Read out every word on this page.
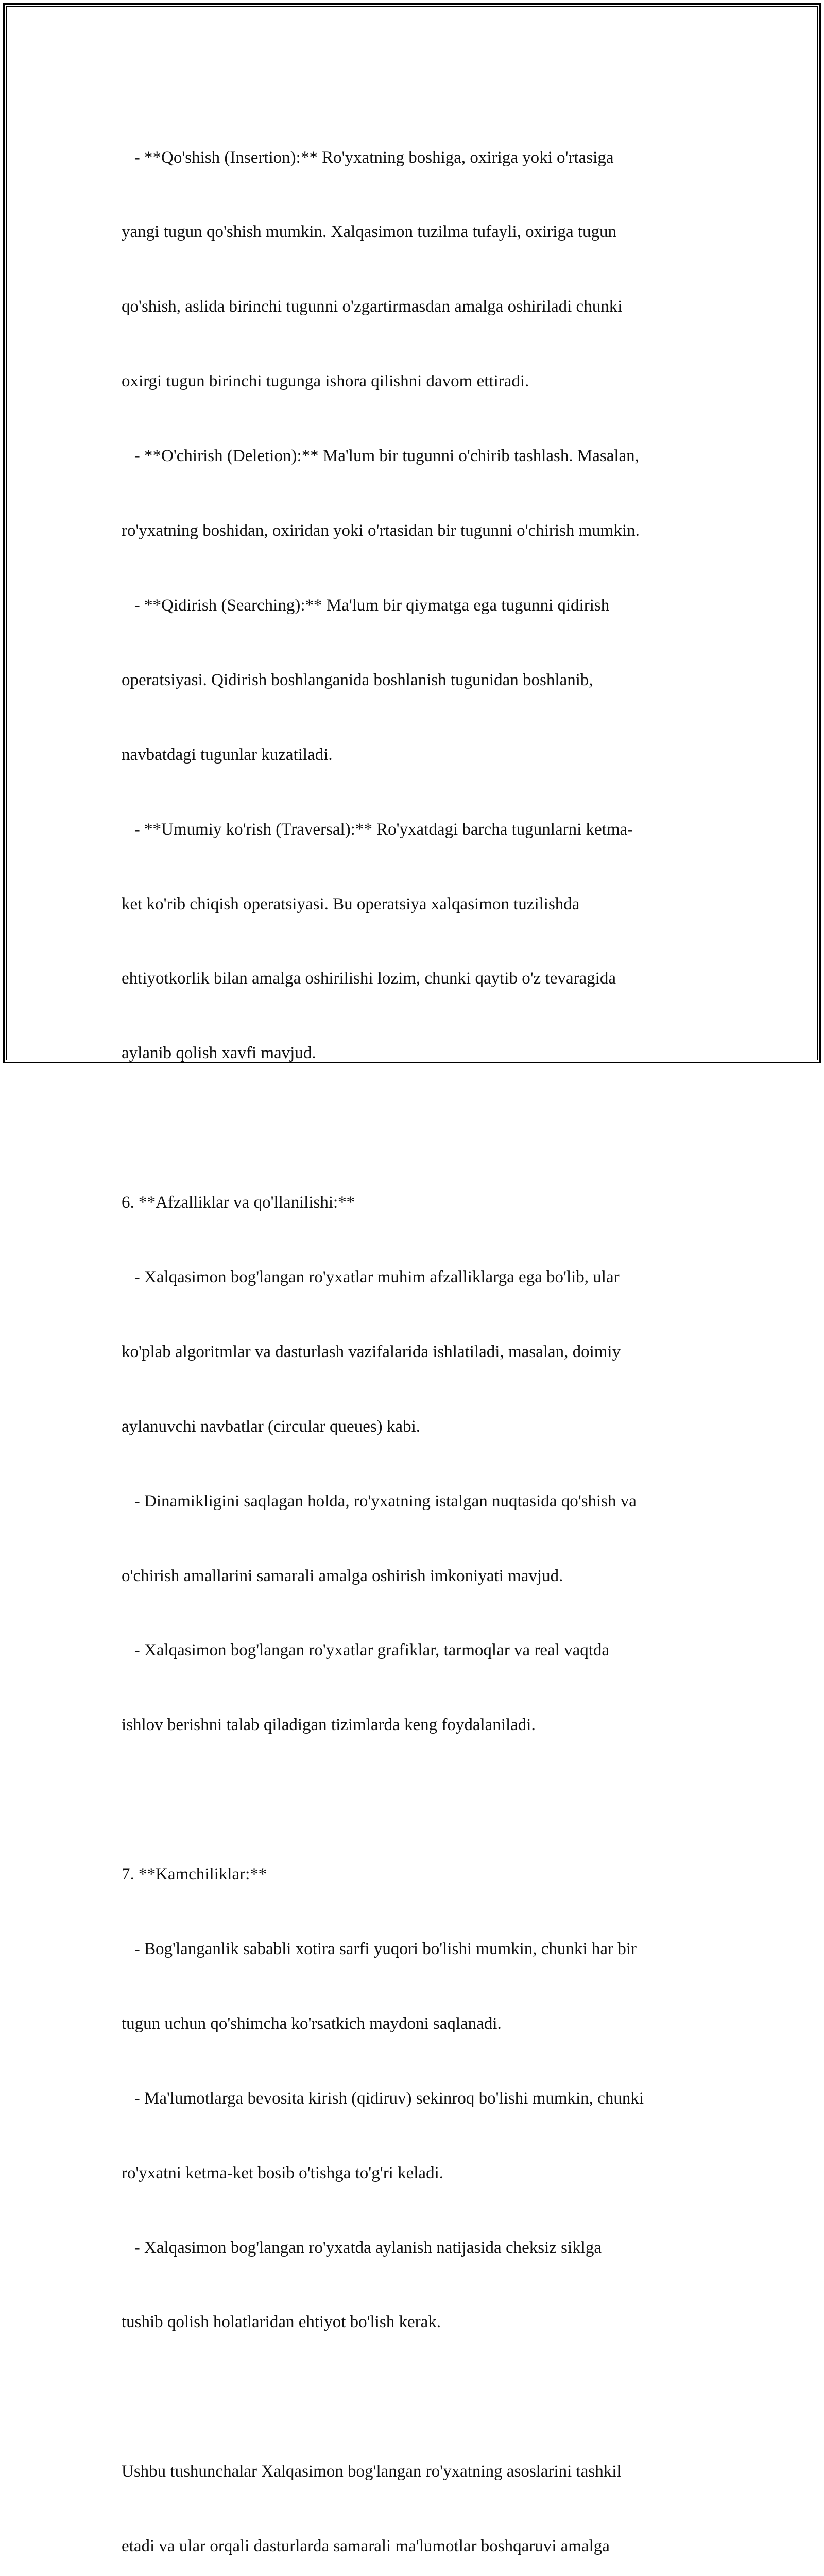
- **Qo'shish (Insertion):** Ro'yxatning boshiga, oxiriga yoki o'rtasiga

yangi tugun qo'shish mumkin. Xalqasimon tuzilma tufayli, oxiriga tugun

qo'shish, aslida birinchi tugunni o'zgartirmasdan amalga oshiriladi chunki

oxirgi tugun birinchi tugunga ishora qilishni davom ettiradi.

- **O'chirish (Deletion):** Ma'lum bir tugunni o'chirib tashlash. Masalan,

ro'yxatning boshidan, oxiridan yoki o'rtasidan bir tugunni o'chirish mumkin.

- **Qidirish (Searching):** Ma'lum bir qiymatga ega tugunni qidirish

operatsiyasi. Qidirish boshlanganida boshlanish tugunidan boshlanib,

navbatdagi tugunlar kuzatiladi.

- **Umumiy ko'rish (Traversal):** Ro'yxatdagi barcha tugunlarni ketma-

ket ko'rib chiqish operatsiyasi. Bu operatsiya xalqasimon tuzilishda

ehtiyotkorlik bilan amalga oshirilishi lozim, chunki qaytib o'z tevaragida

aylanib qolish xavfi mavjud.

6. **Afzalliklar va qo'llanilishi:**

- Xalqasimon bog'langan ro'yxatlar muhim afzalliklarga ega bo'lib, ular

ko'plab algoritmlar va dasturlash vazifalarida ishlatiladi, masalan, doimiy

aylanuvchi navbatlar (circular queues) kabi.

- Dinamikligini saqlagan holda, ro'yxatning istalgan nuqtasida qo'shish va

o'chirish amallarini samarali amalga oshirish imkoniyati mavjud.

- Xalqasimon bog'langan ro'yxatlar grafiklar, tarmoqlar va real vaqtda

ishlov berishni talab qiladigan tizimlarda keng foydalaniladi.

7. **Kamchiliklar:**

- Bog'langanlik sababli xotira sarfi yuqori bo'lishi mumkin, chunki har bir

tugun uchun qo'shimcha ko'rsatkich maydoni saqlanadi.

- Ma'lumotlarga bevosita kirish (qidiruv) sekinroq bo'lishi mumkin, chunki

ro'yxatni ketma-ket bosib o'tishga to'g'ri keladi.

- Xalqasimon bog'langan ro'yxatda aylanish natijasida cheksiz siklga

tushib qolish holatlaridan ehtiyot bo'lish kerak.

Ushbu tushunchalar Xalqasimon bog'langan ro'yxatning asoslarini tashkil

etadi va ular orqali dasturlarda samarali ma'lumotlar boshqaruvi amalga
